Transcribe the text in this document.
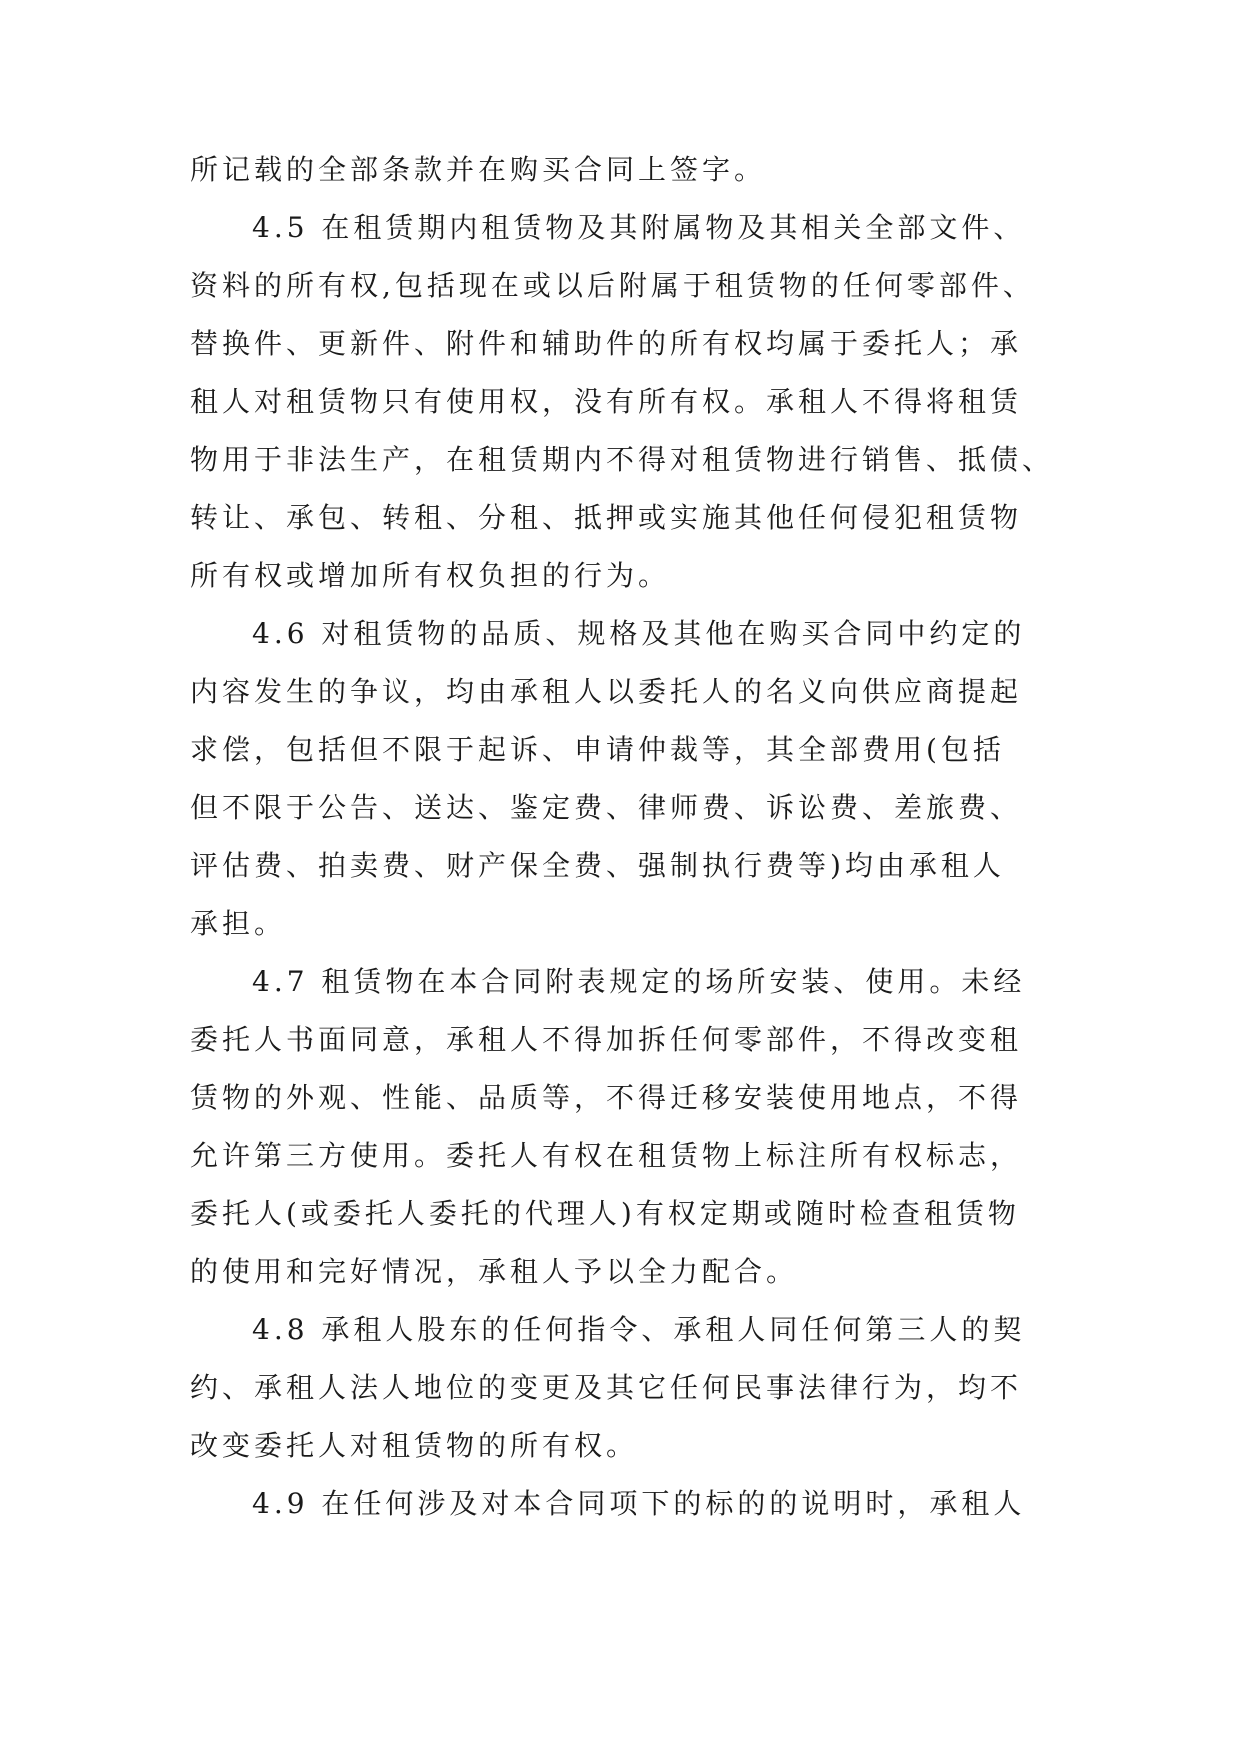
所记载的全部条款并在购买合同上签字。
4.5 在租赁期内租赁物及其附属物及其相关全部文件、
资料的所有权,包括现在或以后附属于租赁物的任何零部件、
替换件、更新件、附件和辅助件的所有权均属于委托人；承
租人对租赁物只有使用权，没有所有权。承租人不得将租赁
物用于非法生产，在租赁期内不得对租赁物进行销售、抵债、
转让、承包、转租、分租、抵押或实施其他任何侵犯租赁物
所有权或增加所有权负担的行为。
4.6 对租赁物的品质、规格及其他在购买合同中约定的
内容发生的争议，均由承租人以委托人的名义向供应商提起
求偿，包括但不限于起诉、申请仲裁等，其全部费用(包括
但不限于公告、送达、鉴定费、律师费、诉讼费、差旅费、
评估费、拍卖费、财产保全费、强制执行费等)均由承租人
承担。
4.7 租赁物在本合同附表规定的场所安装、使用。未经
委托人书面同意，承租人不得加拆任何零部件，不得改变租
赁物的外观、性能、品质等，不得迁移安装使用地点，不得
允许第三方使用。委托人有权在租赁物上标注所有权标志，
委托人(或委托人委托的代理人)有权定期或随时检查租赁物
的使用和完好情况，承租人予以全力配合。
4.8 承租人股东的任何指令、承租人同任何第三人的契
约、承租人法人地位的变更及其它任何民事法律行为，均不
改变委托人对租赁物的所有权。
4.9 在任何涉及对本合同项下的标的的说明时，承租人
